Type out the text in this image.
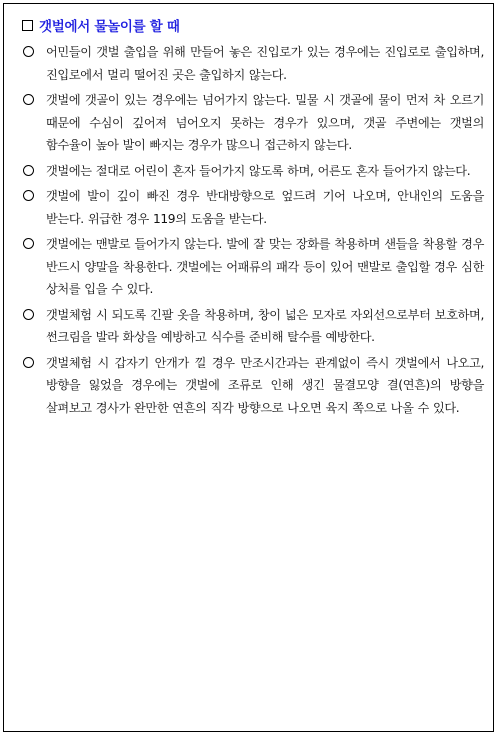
갯벌에서 물놀이를 할 때
어민들이 갯벌 출입을 위해 만들어 놓은 진입로가 있는 경우에는 진입로로 출입하며, 진입로에서 멀리 떨어진 곳은 출입하지 않는다.
갯벌에 갯골이 있는 경우에는 넘어가지 않는다. 밀물 시 갯골에 물이 먼저 차 오르기 때문에 수심이 깊어져 넘어오지 못하는 경우가 있으며, 갯골 주변에는 갯벌의 함수율이 높아 발이 빠지는 경우가 많으니 접근하지 않는다.
갯벌에는 절대로 어린이 혼자 들어가지 않도록 하며, 어른도 혼자 들어가지 않는다.
갯벌에 발이 깊이 빠진 경우 반대방향으로 엎드려 기어 나오며, 안내인의 도움을 받는다. 위급한 경우 119의 도움을 받는다.
갯벌에는 맨발로 들어가지 않는다. 발에 잘 맞는 장화를 착용하며 샌들을 착용할 경우 반드시 양말을 착용한다. 갯벌에는 어패류의 패각 등이 있어 맨발로 출입할 경우 심한 상처를 입을 수 있다.
갯벌체험 시 되도록 긴팔 옷을 착용하며, 창이 넓은 모자로 자외선으로부터 보호하며, 썬크림을 발라 화상을 예방하고 식수를 준비해 탈수를 예방한다.
갯벌체험 시 갑자기 안개가 낄 경우 만조시간과는 관계없이 즉시 갯벌에서 나오고, 방향을 잃었을 경우에는 갯벌에 조류로 인해 생긴 물결모양 결(연흔)의 방향을 살펴보고 경사가 완만한 연흔의 직각 방향으로 나오면 육지 쪽으로 나올 수 있다.
